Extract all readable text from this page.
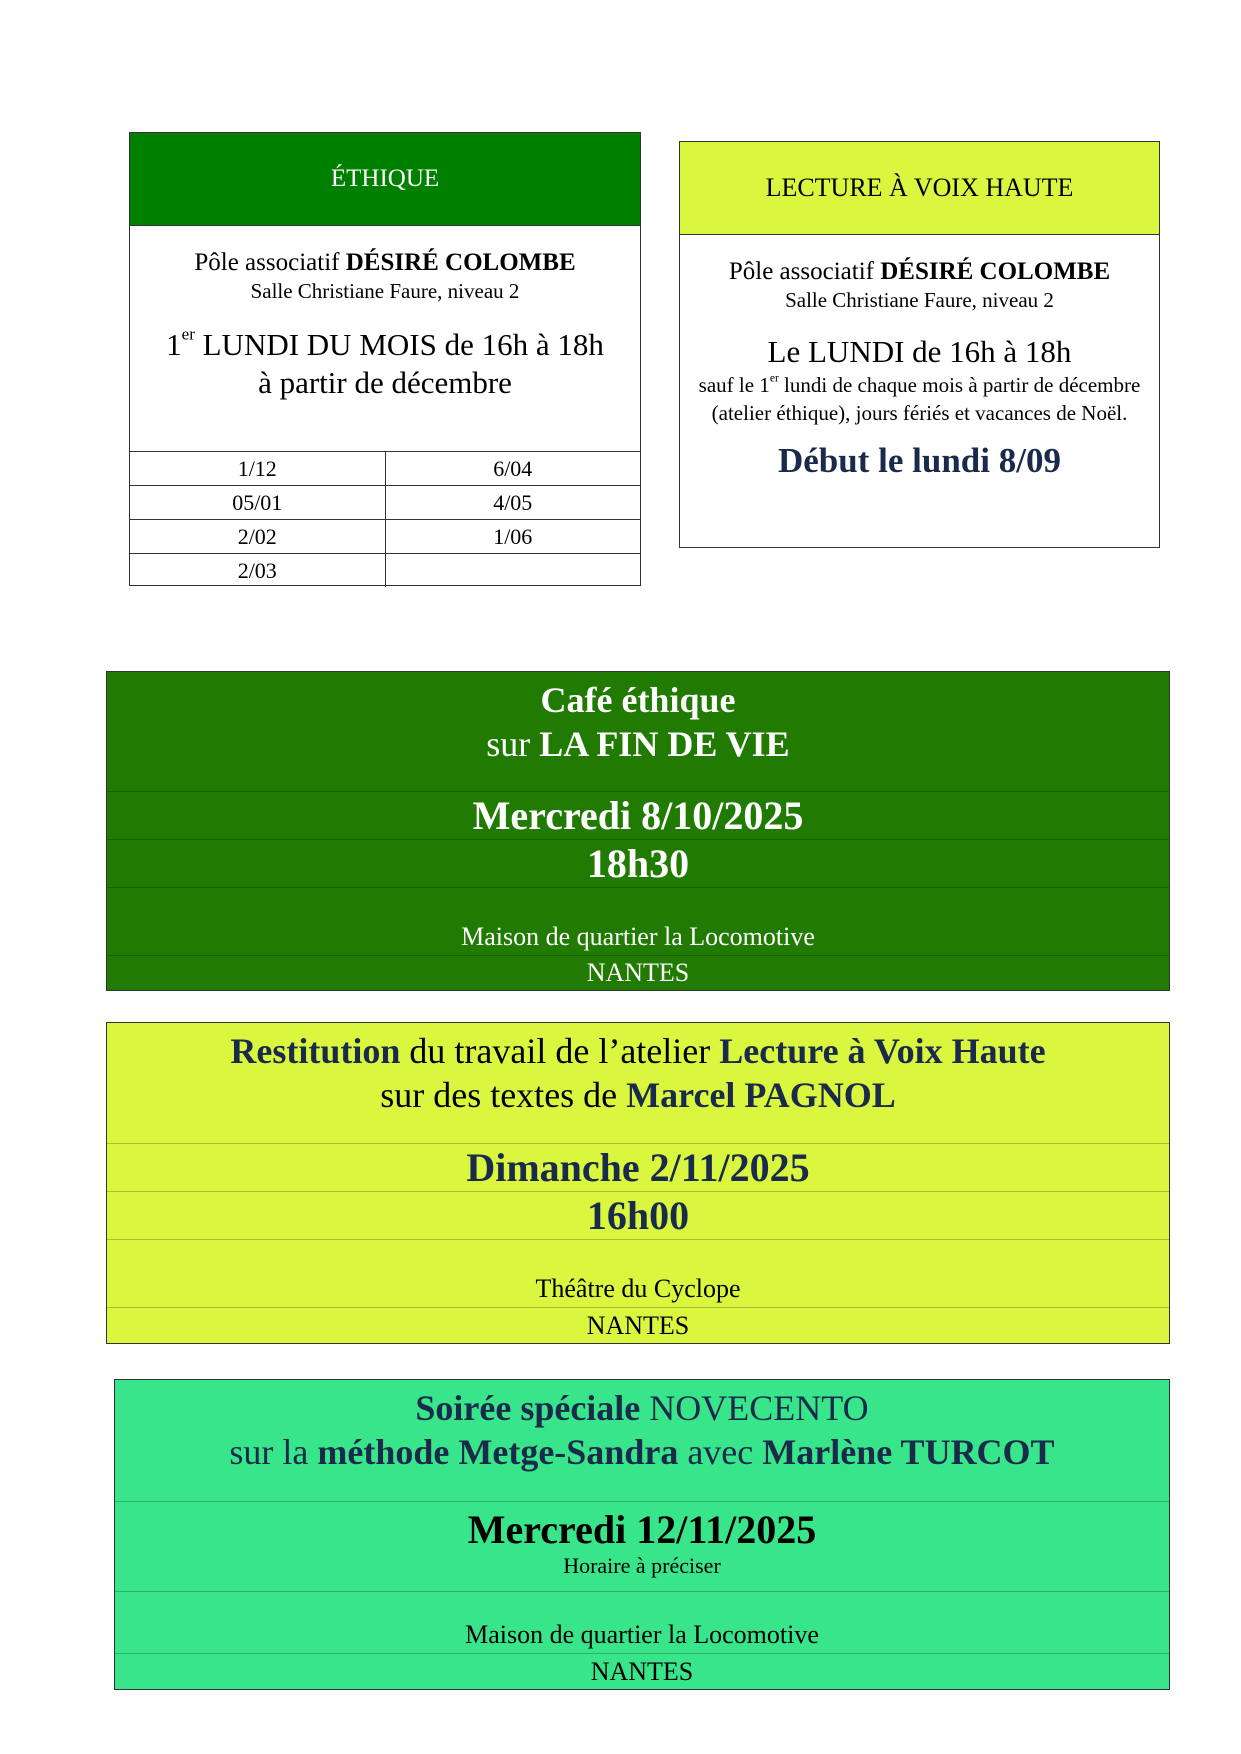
ÉTHIQUE
Pôle associatif DÉSIRÉ COLOMBE
Salle Christiane Faure, niveau 2
1er LUNDI DU MOIS de 16h à 18h
à partir de décembre
1/12	6/04
05/01	4/05
2/02	1/06
2/03	
LECTURE À VOIX HAUTE
Pôle associatif DÉSIRÉ COLOMBE
Salle Christiane Faure, niveau 2
Le LUNDI de 16h à 18h
sauf le 1er lundi de chaque mois à partir de décembre (atelier éthique), jours fériés et vacances de Noël.
Début le lundi 8/09
Café éthique
sur LA FIN DE VIE
Mercredi 8/10/2025
18h30
Maison de quartier la Locomotive
NANTES
Restitution du travail de l’atelier Lecture à Voix Haute
sur des textes de Marcel PAGNOL
Dimanche 2/11/2025
16h00
Théâtre du Cyclope
NANTES
Soirée spéciale NOVECENTO
sur la méthode Metge-Sandra avec Marlène TURCOT
Mercredi 12/11/2025
Horaire à préciser
Maison de quartier la Locomotive
NANTES
